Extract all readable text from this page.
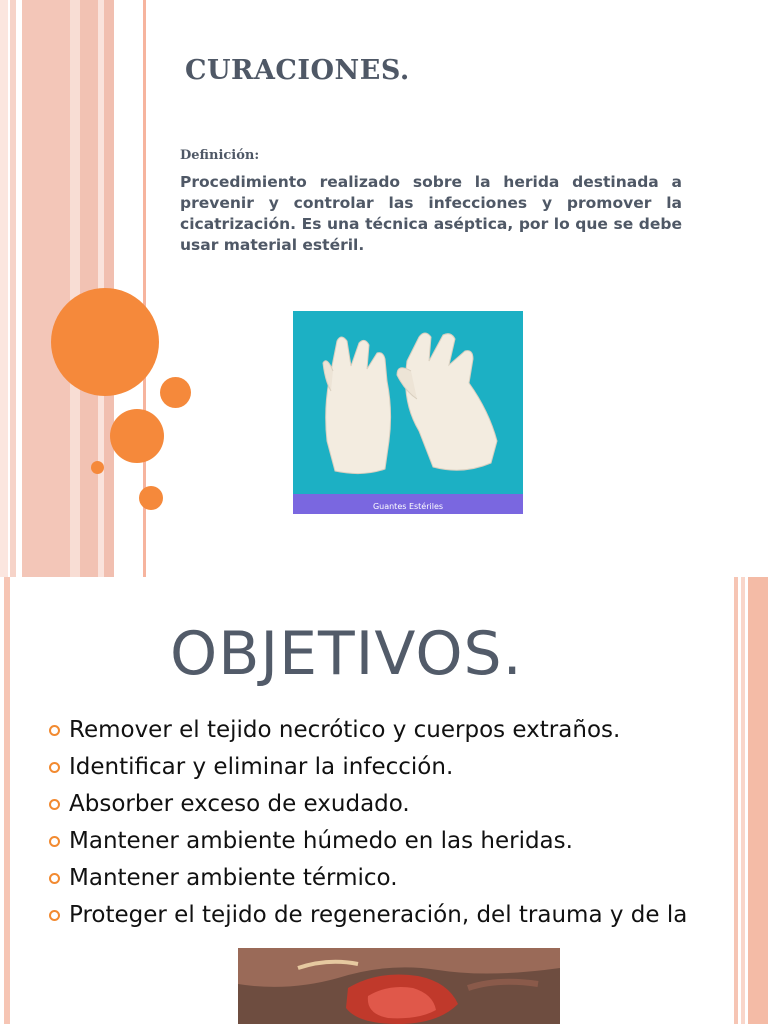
CURACIONES.
Definición:

Procedimiento realizado sobre la herida destinada a prevenir y controlar las infecciones y promover la cicatrización. Es una técnica aséptica, por lo que se debe usar material estéril.

Guantes Estériles
OBJETIVOS.
Remover el tejido necrótico y cuerpos extraños.
Identificar y eliminar la infección.
Absorber exceso de exudado.
Mantener ambiente húmedo en las heridas.
Mantener ambiente térmico.
Proteger el tejido de regeneración, del trauma y de la
